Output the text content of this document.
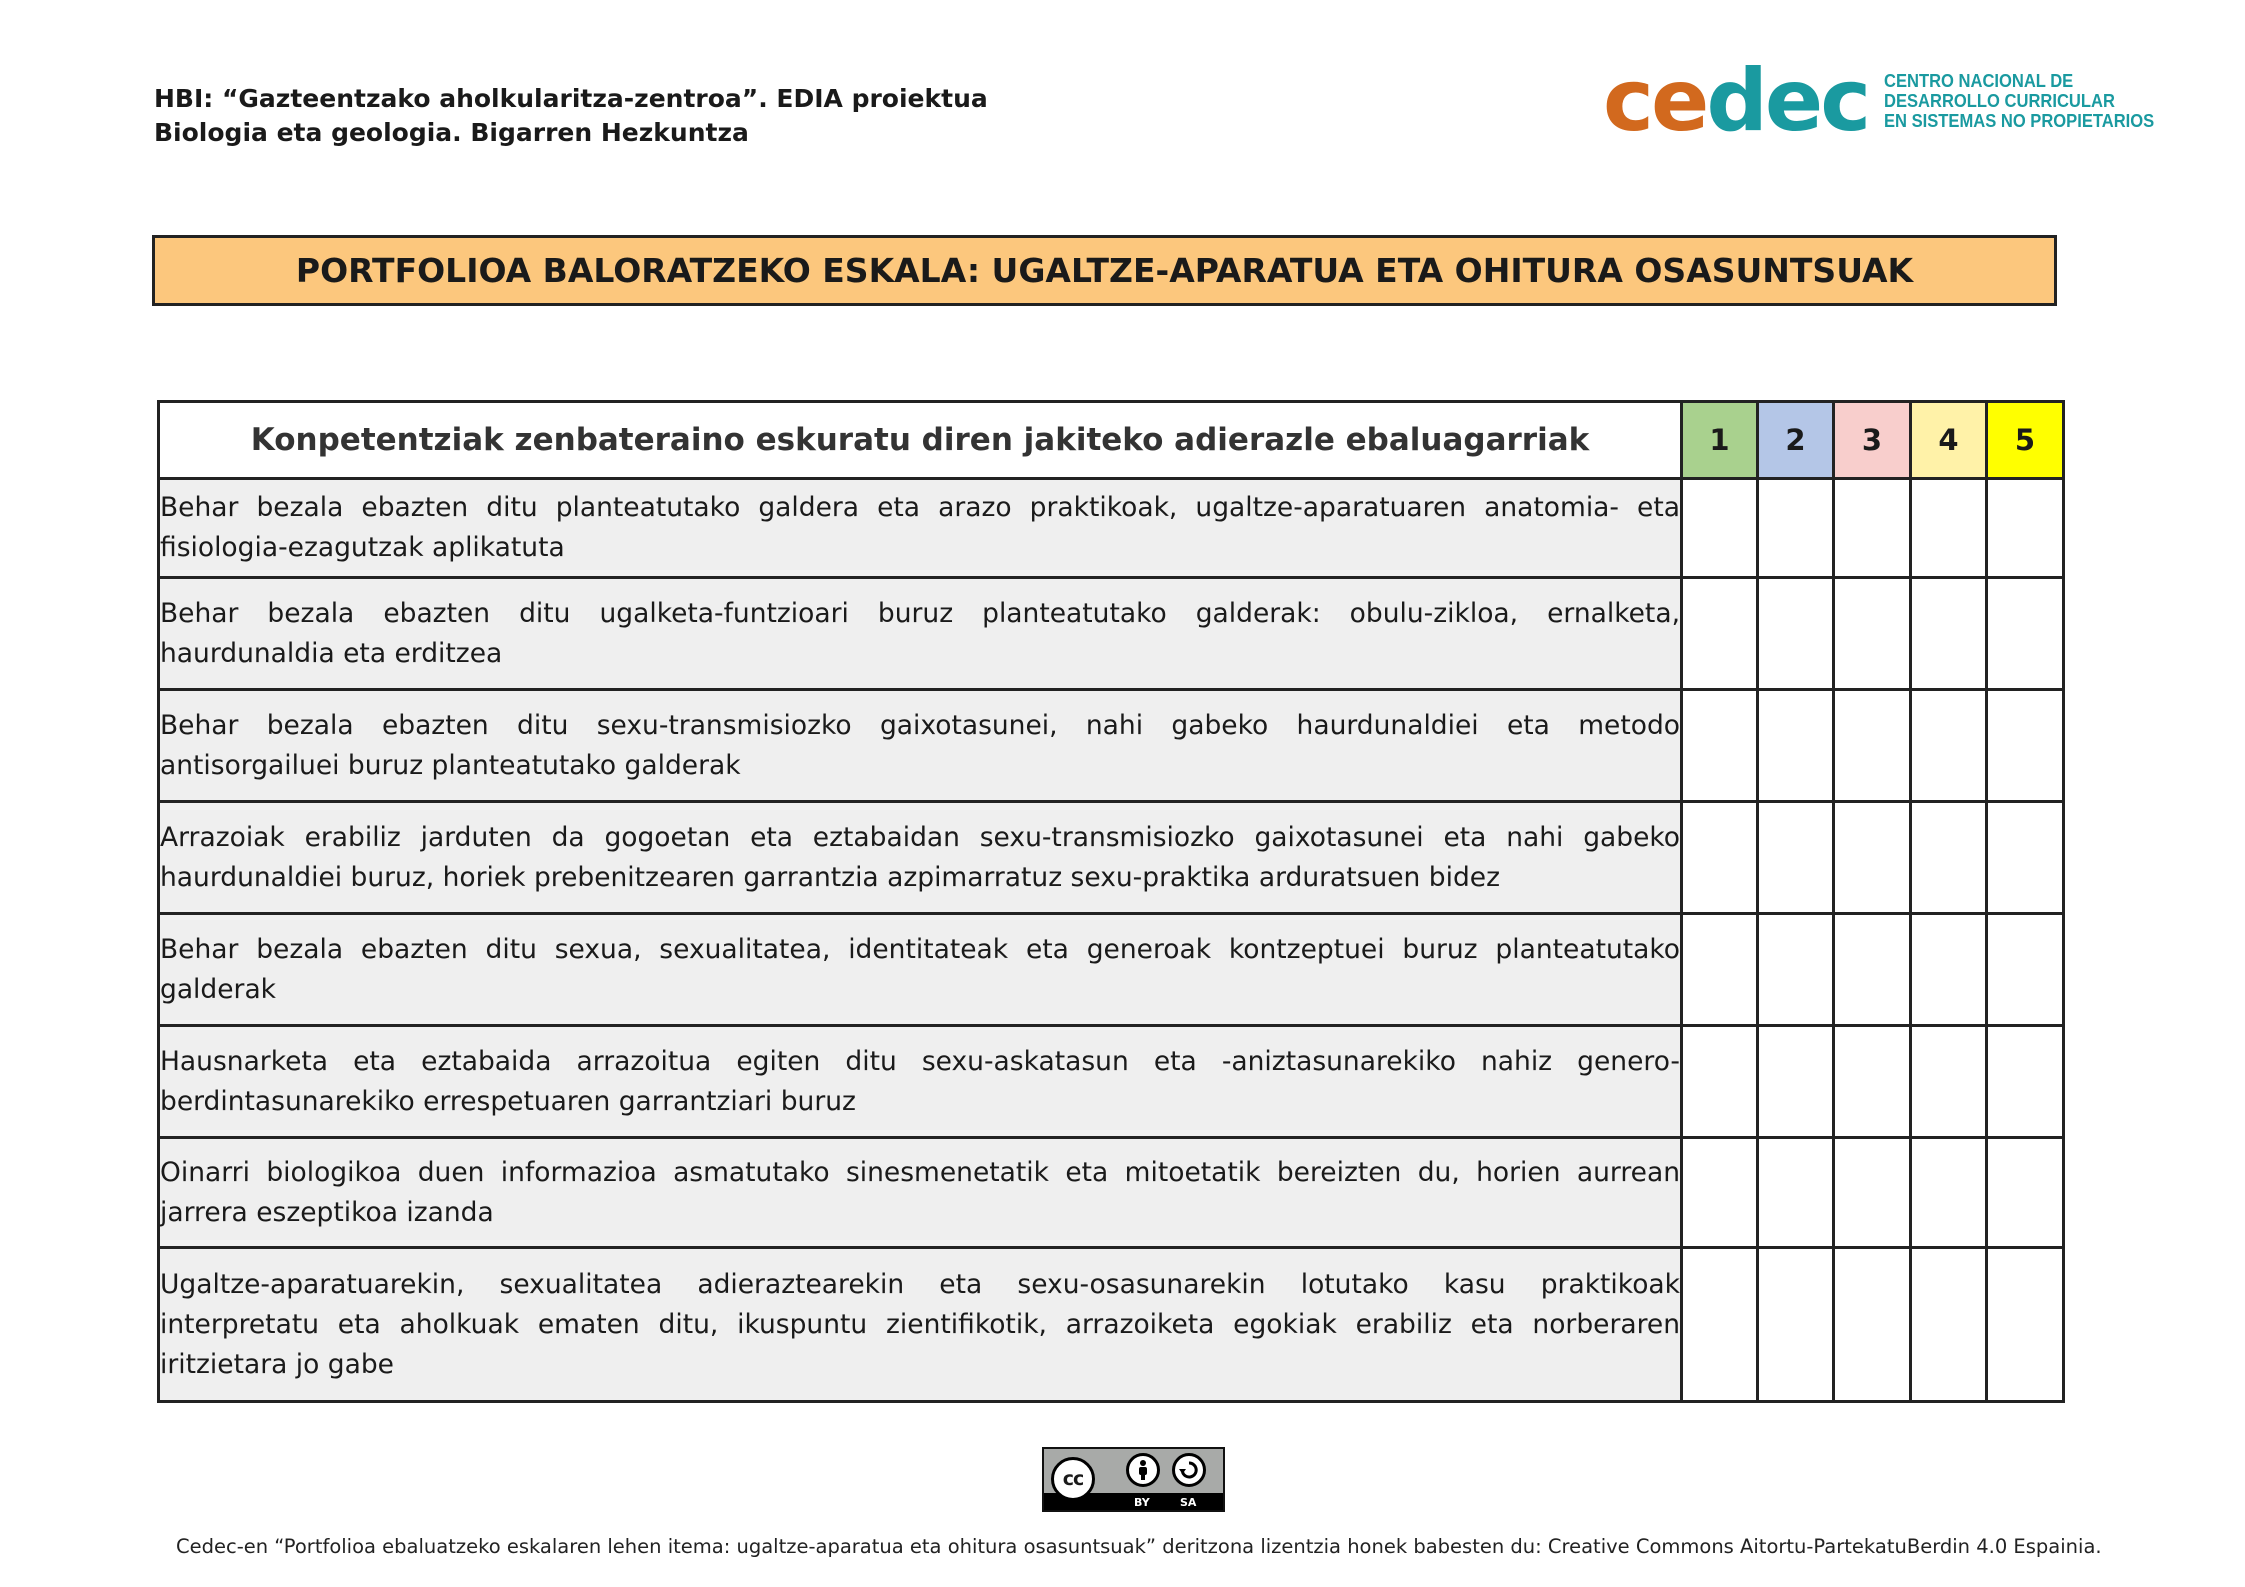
HBI: “Gazteentzako aholkularitza-zentroa”. EDIA proiektua
Biologia eta geologia. Bigarren Hezkuntza	cedec CENTRO NACIONAL DE
DESARROLLO CURRICULAR
EN SISTEMAS NO PROPIETARIOS
PORTFOLIOA BALORATZEKO ESKALA: UGALTZE-APARATUA ETA OHITURA OSASUNTSUAK
Konpetentziak zenbateraino eskuratu diren jakiteko adierazle ebaluagarriak	1	2	3	4	5

Behar bezala ebazten ditu planteatutako galdera eta arazo praktikoak, ugaltze-aparatuaren anatomia- eta
fisiologia-ezagutzak aplikatuta					

Behar bezala ebazten ditu ugalketa-funtzioari buruz planteatutako galderak: obulu-zikloa, ernalketa,
haurdunaldia eta erditzea					

Behar bezala ebazten ditu sexu-transmisiozko gaixotasunei, nahi gabeko haurdunaldiei eta metodo
antisorgailuei buruz planteatutako galderak					

Arrazoiak erabiliz jarduten da gogoetan eta eztabaidan sexu-transmisiozko gaixotasunei eta nahi gabeko
haurdunaldiei buruz, horiek prebenitzearen garrantzia azpimarratuz sexu-praktika arduratsuen bidez					

Behar bezala ebazten ditu sexua, sexualitatea, identitateak eta generoak kontzeptuei buruz planteatutako
galderak					

Hausnarketa eta eztabaida arrazoitua egiten ditu sexu-askatasun eta -aniztasunarekiko nahiz genero-
berdintasunarekiko errespetuaren garrantziari buruz					

Oinarri biologikoa duen informazioa asmatutako sinesmenetatik eta mitoetatik bereizten du, horien aurrean
jarrera eszeptikoa izanda					

Ugaltze-aparatuarekin, sexualitatea adieraztearekin eta sexu-osasunarekin lotutako kasu praktikoak
interpretatu eta aholkuak ematen ditu, ikuspuntu zientifikotik, arrazoiketa egokiak erabiliz eta norberaren
iritzietara jo gabe					

cc
BY	SA
Cedec-en “Portfolioa ebaluatzeko eskalaren lehen itema: ugaltze-aparatua eta ohitura osasuntsuak” deritzona lizentzia honek babesten du: Creative Commons Aitortu-PartekatuBerdin 4.0 Espainia.
